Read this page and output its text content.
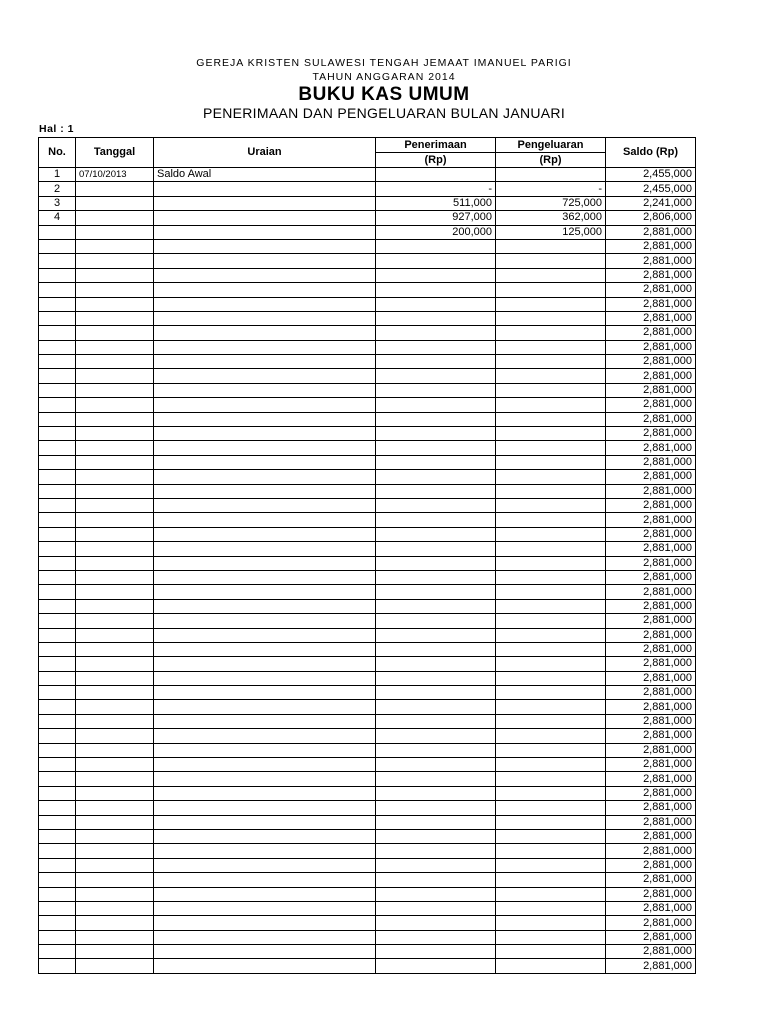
GEREJA KRISTEN SULAWESI TENGAH JEMAAT IMANUEL PARIGI
TAHUN ANGGARAN 2014
BUKU KAS UMUM
PENERIMAAN DAN PENGELUARAN BULAN JANUARI
Hal : 1
No.	Tanggal	Uraian	Penerimaan	Pengeluaran	Saldo (Rp)
			(Rp)	(Rp)	
1	07/10/2013	Saldo Awal			2,455,000
2			-	-	2,455,000
3			511,000	725,000	2,241,000
4			927,000	362,000	2,806,000
			200,000	125,000	2,881,000
					2,881,000
					2,881,000
					2,881,000
					2,881,000
					2,881,000
					2,881,000
					2,881,000
					2,881,000
					2,881,000
					2,881,000
					2,881,000
					2,881,000
					2,881,000
					2,881,000
					2,881,000
					2,881,000
					2,881,000
					2,881,000
					2,881,000
					2,881,000
					2,881,000
					2,881,000
					2,881,000
					2,881,000
					2,881,000
					2,881,000
					2,881,000
					2,881,000
					2,881,000
					2,881,000
					2,881,000
					2,881,000
					2,881,000
					2,881,000
					2,881,000
					2,881,000
					2,881,000
					2,881,000
					2,881,000
					2,881,000
					2,881,000
					2,881,000
					2,881,000
					2,881,000
					2,881,000
					2,881,000
					2,881,000
					2,881,000
					2,881,000
					2,881,000
					2,881,000
